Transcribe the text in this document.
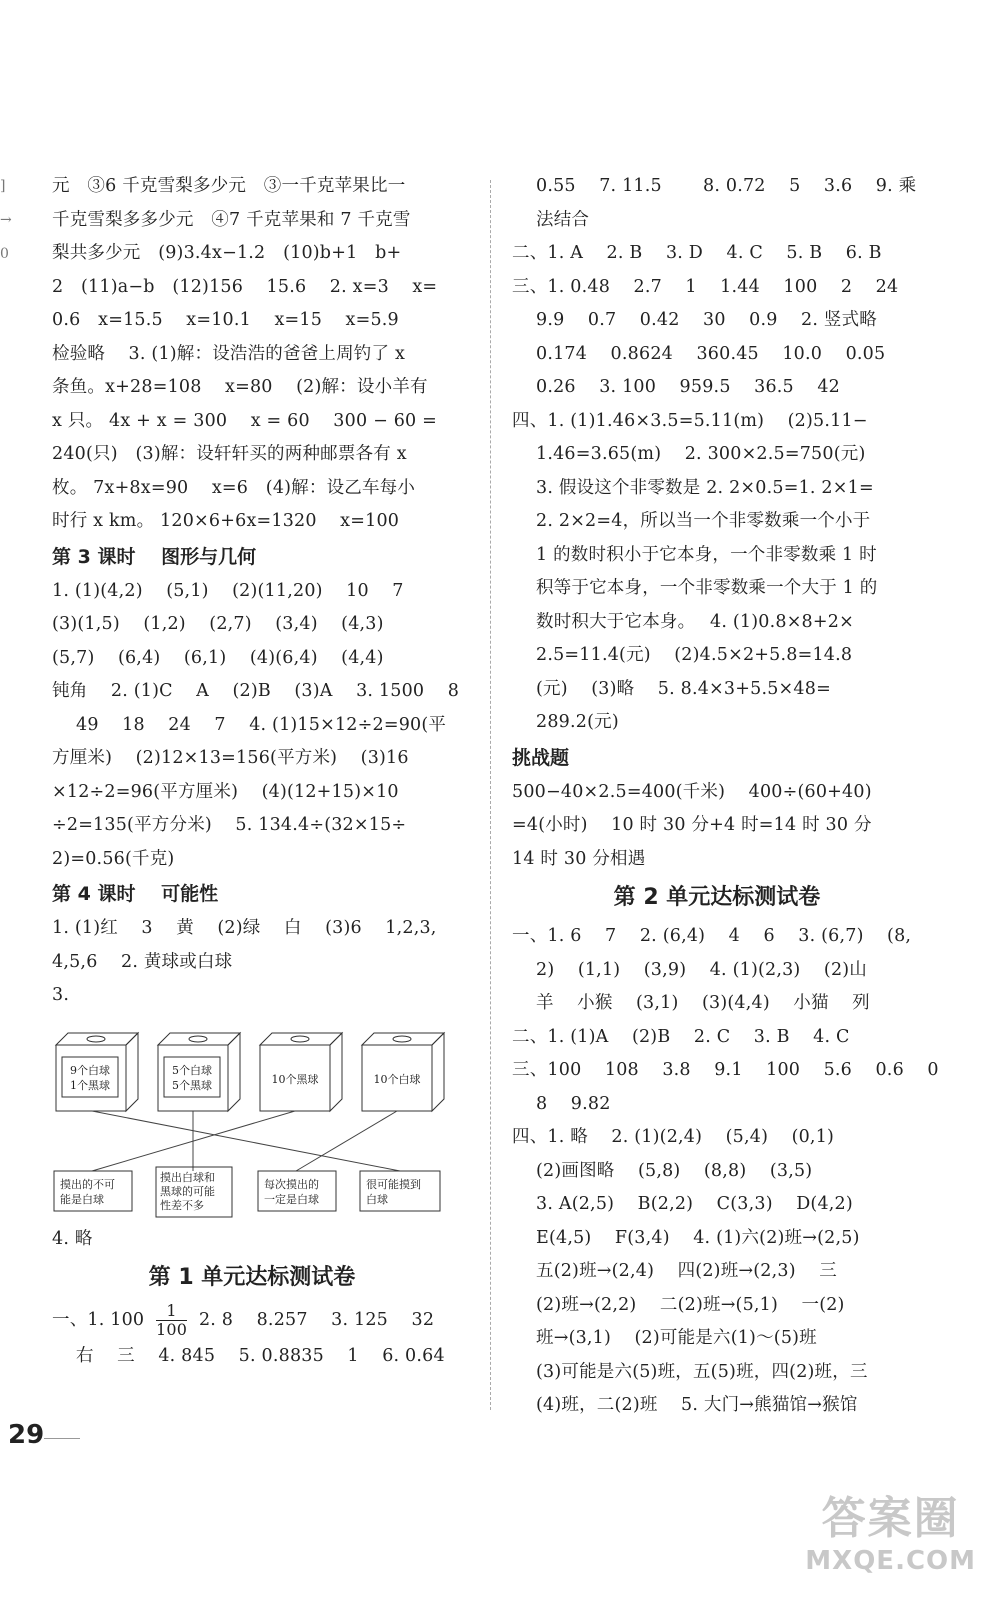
]
→
0
元　③6 千克雪梨多少元　③一千克苹果比一
千克雪梨多多少元　④7 千克苹果和 7 千克雪
梨共多少元　(9)3.4x−1.2　(10)b+1　b+
2　(11)a−b　(12)156　 15.6　 2. x=3　 x=
0.6　x=15.5　 x=10.1　 x=15　 x=5.9
检验略　 3. (1)解：设浩浩的爸爸上周钓了 x
条鱼。x+28=108　 x=80　 (2)解：设小羊有
x 只。 4x + x = 300　 x = 60　 300 − 60 =
240(只)　(3)解：设轩轩买的两种邮票各有 x
枚。 7x+8x=90　 x=6　(4)解：设乙车每小
时行 x km。 120×6+6x=1320　 x=100
第 3 课时　 图形与几何
1. (1)(4,2)　 (5,1)　 (2)(11,20)　 10　 7
(3)(1,5)　 (1,2)　 (2,7)　 (3,4)　 (4,3)
(5,7)　 (6,4)　 (6,1)　 (4)(6,4)　 (4,4)
钝角　 2. (1)C　 A　 (2)B　 (3)A　 3. 1500　 8
49　 18　 24　 7　 4. (1)15×12÷2=90(平
方厘米)　 (2)12×13=156(平方米)　 (3)16
×12÷2=96(平方厘米)　 (4)(12+15)×10
÷2=135(平方分米)　 5. 134.4÷(32×15÷
2)=0.56(千克)
第 4 课时　 可能性
1. (1)红　 3　 黄　 (2)绿　 白　 (3)6　 1,2,3,
4,5,6　 2. 黄球或白球
3.
9个白球
1个黑球
5个白球
5个黑球	10个黑球	10个白球
摸出的不可
能是白球
摸出白球和
黑球的可能
性差不多
每次摸出的
一定是白球
很可能摸到
白球
4. 略
第 1 单元达标测试卷
一、1. $100 \frac{1}{100} 2$. 8　 8.257　 3. 125　 32
右　 三　 4. 845　 5. 0.8835　 1　 6. 0.64
0.55　 7. 11.5　　 8. 0.72　 5　 3.6　 9. 乘
法结合
二、1. A　 2. B　 3. D　 4. C　 5. B　 6. B
三、1. 0.48　 2.7　 1　 1.44　 100　 2　 24
9.9　 0.7　 0.42　 30　 0.9　 2. 竖式略
0.174　 0.8624　 360.45　 10.0　 0.05
0.26　 3. 100　 959.5　 36.5　 42
四、1. (1)1.46×3.5=5.11(m)　 (2)5.11−
1.46=3.65(m)　 2. 300×2.5=750(元)
3. 假设这个非零数是 2. 2×0.5=1. 2×1=
2. 2×2=4，所以当一个非零数乘一个小于
1 的数时积小于它本身，一个非零数乘 1 时
积等于它本身，一个非零数乘一个大于 1 的
数时积大于它本身。　 4. (1)0.8×8+2×
2.5=11.4(元)　 (2)4.5×2+5.8=14.8
(元)　 (3)略　 5. 8.4×3+5.5×48=
289.2(元)
挑战题
500−40×2.5=400(千米)　 400÷(60+40)
=4(小时)　 10 时 30 分+4 时=14 时 30 分
14 时 30 分相遇
第 2 单元达标测试卷
一、1. 6　 7　 2. (6,4)　 4　 6　 3. (6,7)　 (8,
2)　 (1,1)　 (3,9)　 4. (1)(2,3)　 (2)山
羊　 小猴　 (3,1)　 (3)(4,4)　 小猫　 列
二、1. (1)A　 (2)B　 2. C　 3. B　 4. C
三、100　 108　 3.8　 9.1　 100　 5.6　 0.6　 0
8　 9.82
四、1. 略　 2. (1)(2,4)　 (5,4)　 (0,1)
(2)画图略　 (5,8)　 (8,8)　 (3,5)
3. A(2,5)　 B(2,2)　 C(3,3)　 D(4,2)
E(4,5)　 F(3,4)　 4. (1)六(2)班→(2,5)
五(2)班→(2,4)　 四(2)班→(2,3)　 三
(2)班→(2,2)　 二(2)班→(5,1)　 一(2)
班→(3,1)　 (2)可能是六(1)～(5)班
(3)可能是六(5)班，五(5)班，四(2)班，三
(4)班，二(2)班　 5. 大门→熊猫馆→猴馆
29
答案圈
MXQE.COM
